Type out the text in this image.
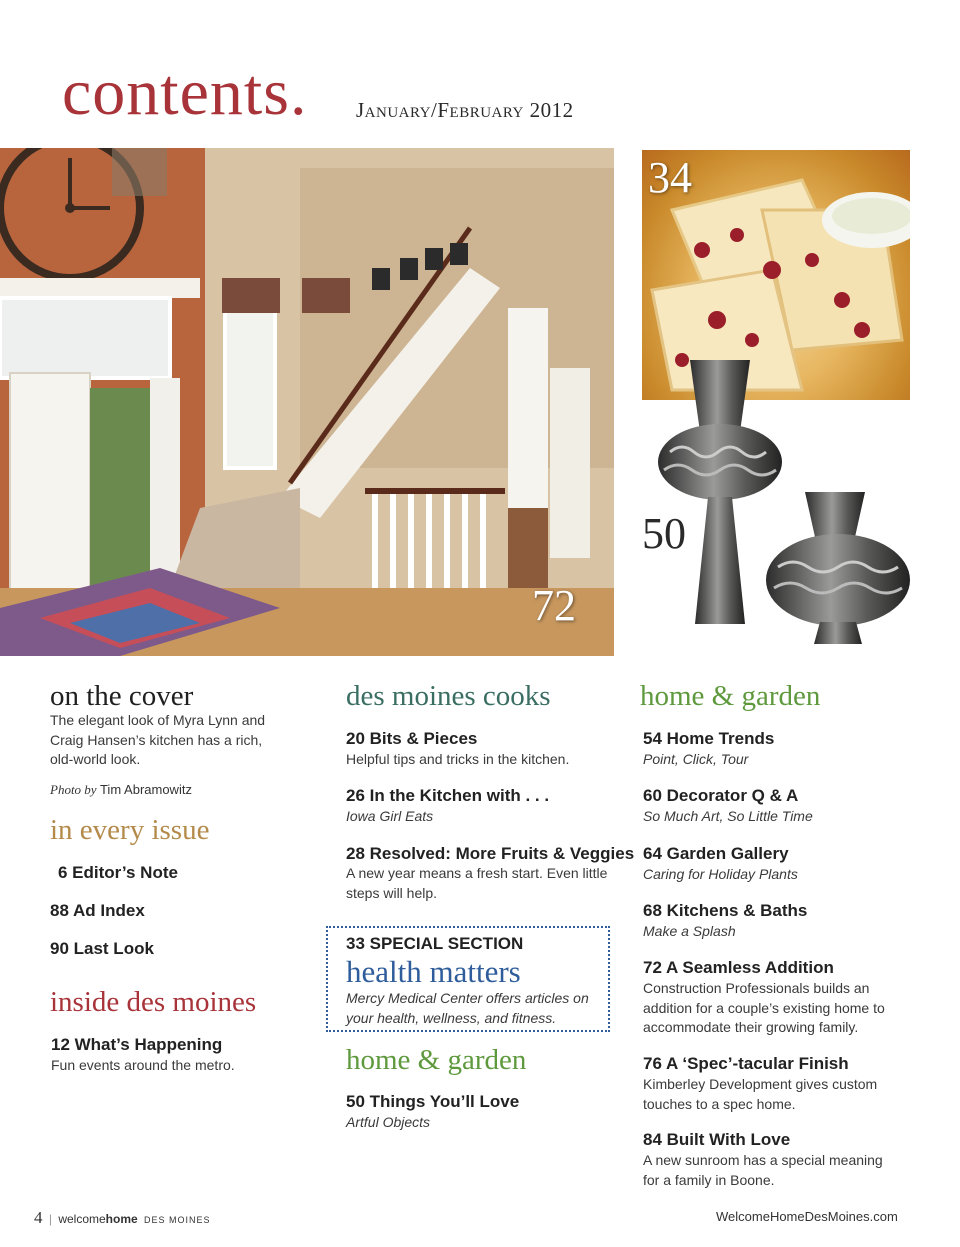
contents. January/February 2012
72
34
50
on the cover
The elegant look of Myra Lynn and Craig Hansen’s kitchen has a rich, old-world look.
Photo by Tim Abramowitz
in every issue
6 Editor’s Note
88 Ad Index
90 Last Look
inside des moines
12 What’s Happening
Fun events around the metro.
des moines cooks
20 Bits & Pieces
Helpful tips and tricks in the kitchen.
26 In the Kitchen with . . .
Iowa Girl Eats
28 Resolved: More Fruits & Veggies
A new year means a fresh start. Even little steps will help.
33 SPECIAL SECTION
health matters
Mercy Medical Center offers articles on your health, wellness, and fitness.
home & garden
50 Things You’ll Love
Artful Objects
home & garden
54 Home Trends
Point, Click, Tour
60 Decorator Q & A
So Much Art, So Little Time
64 Garden Gallery
Caring for Holiday Plants
68 Kitchens & Baths
Make a Splash
72 A Seamless Addition
Construction Professionals builds an addition for a couple’s existing home to accommodate their growing family.
76 A ‘Spec’-tacular Finish
Kimberley Development gives custom touches to a spec home.
84 Built With Love
A new sunroom has a special meaning for a family in Boone.
4 | welcomehome DES MOINES	WelcomeHomeDesMoines.com
